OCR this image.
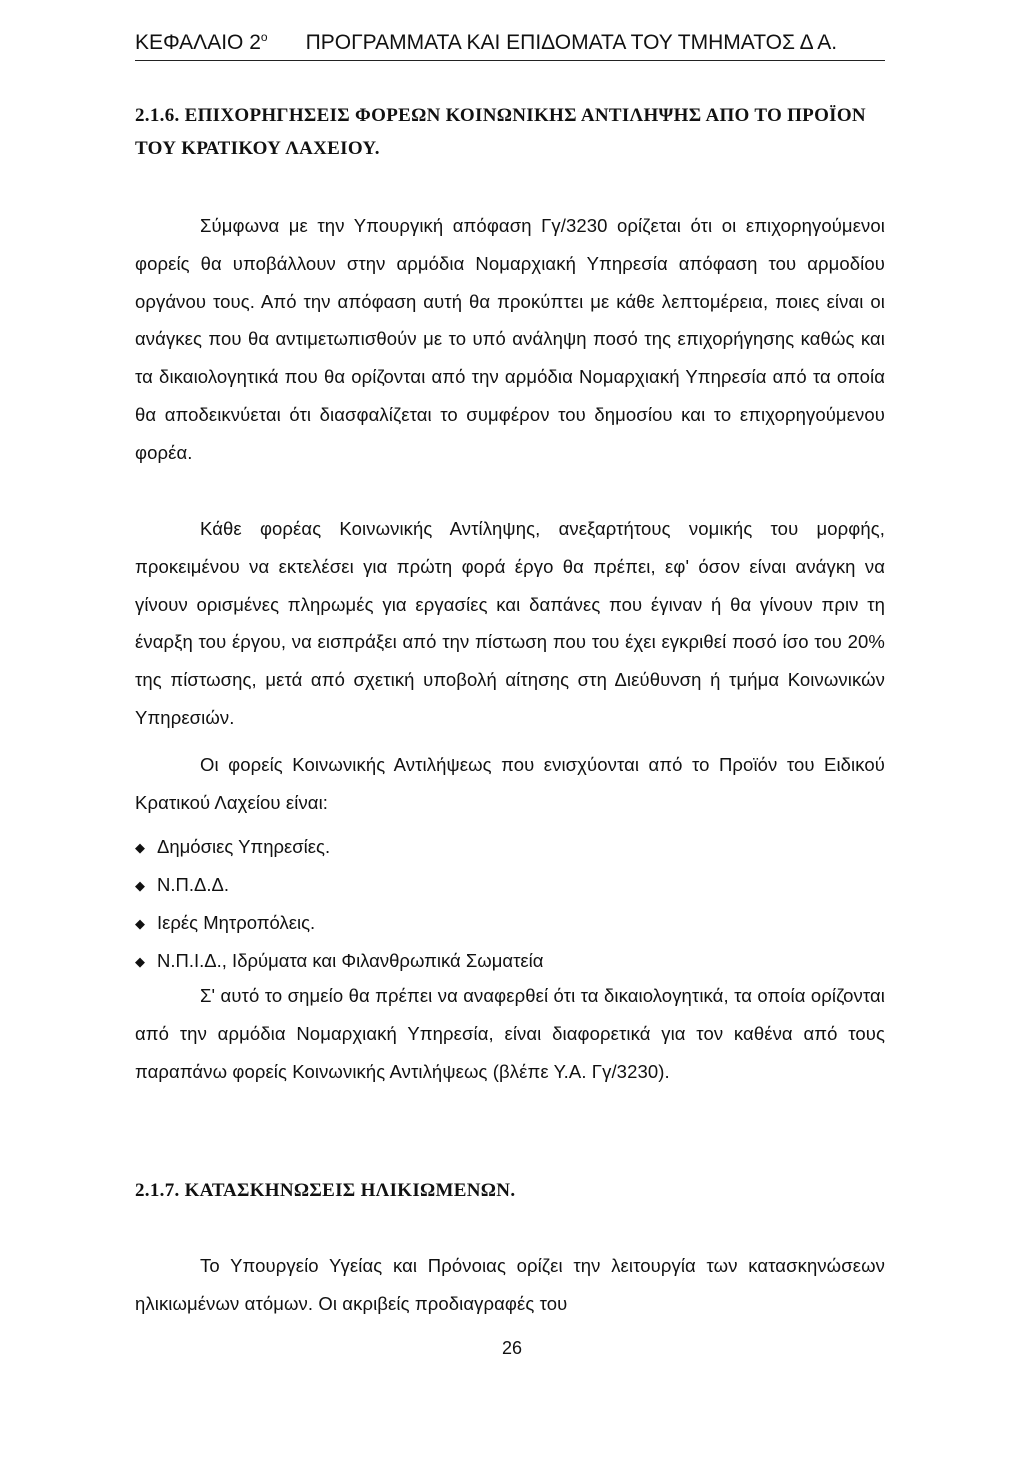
ΚΕΦΑΛΑΙΟ $2^o$ ΠΡΟΓΡΑΜΜΑΤΑ ΚΑΙ ΕΠΙΔΟΜΑΤΑ ΤΟΥ ΤΜΗΜΑΤΟΣ Δ Α.
2.1.6. ΕΠΙΧΟΡΗΓΗΣΕΙΣ ΦΟΡΕΩΝ ΚΟΙΝΩΝΙΚΗΣ ΑΝΤΙΛΗΨΗΣ ΑΠΟ ΤΟ ΠΡΟΪΟΝ ΤΟΥ ΚΡΑΤΙΚΟΥ ΛΑΧΕΙΟΥ.

Σύμφωνα με την Υπουργική απόφαση Γγ/3230 ορίζεται ότι οι επιχορηγούμενοι φορείς θα υποβάλλουν στην αρμόδια Νομαρχιακή Υπηρεσία απόφαση του αρμοδίου οργάνου τους. Από την απόφαση αυτή θα προκύπτει με κάθε λεπτομέρεια, ποιες είναι οι ανάγκες που θα αντιμετωπισθούν με το υπό ανάληψη ποσό της επιχορήγησης καθώς και τα δικαιολογητικά που θα ορίζονται από την αρμόδια Νομαρχιακή Υπηρεσία από τα οποία θα αποδεικνύεται ότι διασφαλίζεται το συμφέρον του δημοσίου και το επιχορηγούμενου φορέα.

Κάθε φορέας Κοινωνικής Αντίληψης, ανεξαρτήτους νομικής του μορφής, προκειμένου να εκτελέσει για πρώτη φορά έργο θα πρέπει, εφ' όσον είναι ανάγκη να γίνουν ορισμένες πληρωμές για εργασίες και δαπάνες που έγιναν ή θα γίνουν πριν τη έναρξη του έργου, να εισπράξει από την πίστωση που του έχει εγκριθεί ποσό ίσο του 20% της πίστωσης, μετά από σχετική υποβολή αίτησης στη Διεύθυνση ή τμήμα Κοινωνικών Υπηρεσιών.

Οι φορείς Κοινωνικής Αντιλήψεως που ενισχύονται από το Προϊόν του Ειδικού Κρατικού Λαχείου είναι:

◆ Δημόσιες Υπηρεσίες.
◆ Ν.Π.Δ.Δ.
◆ Ιερές Μητροπόλεις.
◆ Ν.Π.Ι.Δ., Ιδρύματα και Φιλανθρωπικά Σωματεία

Σ' αυτό το σημείο θα πρέπει να αναφερθεί ότι τα δικαιολογητικά, τα οποία ορίζονται από την αρμόδια Νομαρχιακή Υπηρεσία, είναι διαφορετικά για τον καθένα από τους παραπάνω φορείς Κοινωνικής Αντιλήψεως (βλέπε Υ.Α. Γγ/3230).

2.1.7. ΚΑΤΑΣΚΗΝΩΣΕΙΣ ΗΛΙΚΙΩΜΕΝΩΝ.

Το Υπουργείο Υγείας και Πρόνοιας ορίζει την λειτουργία των κατασκηνώσεων ηλικιωμένων ατόμων. Οι ακριβείς προδιαγραφές του

26
